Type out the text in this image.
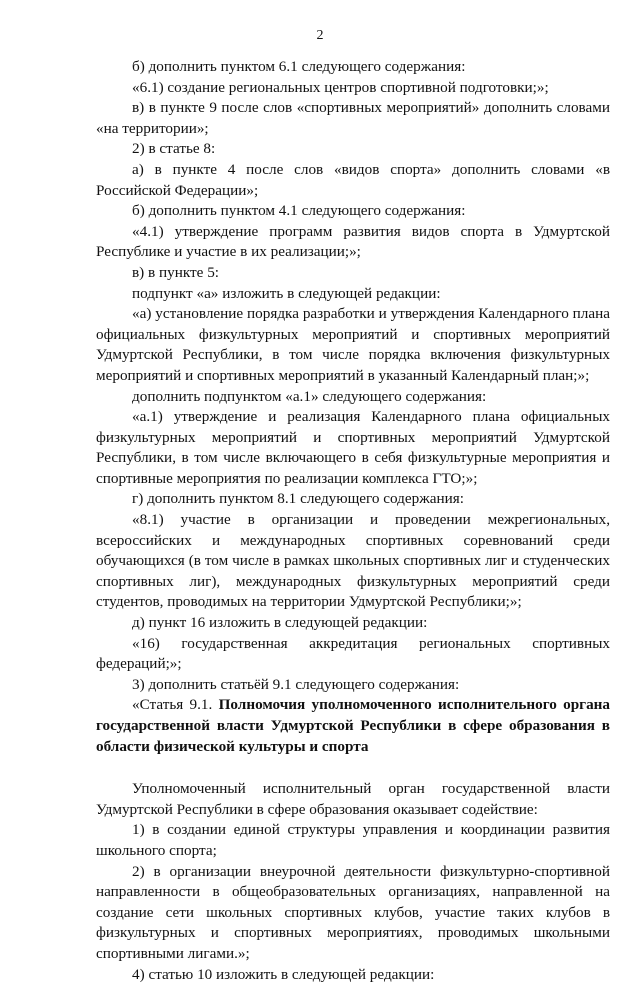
2

б) дополнить пунктом 6.1 следующего содержания:

«6.1) создание региональных центров спортивной подготовки;»;

в) в пункте 9 после слов «спортивных мероприятий» дополнить словами «на территории»;

2) в статье 8:

а) в пункте 4 после слов «видов спорта» дополнить словами «в Российской Федерации»;

б) дополнить пунктом 4.1 следующего содержания:

«4.1) утверждение программ развития видов спорта в Удмуртской Республике и участие в их реализации;»;

в) в пункте 5:

подпункт «а» изложить в следующей редакции:

«а) установление порядка разработки и утверждения Календарного плана официальных физкультурных мероприятий и спортивных мероприятий Удмуртской Республики, в том числе порядка включения физкультурных мероприятий и спортивных мероприятий в указанный Календарный план;»;

дополнить подпунктом «а.1» следующего содержания:

«а.1) утверждение и реализация Календарного плана официальных физкультурных мероприятий и спортивных мероприятий Удмуртской Республики, в том числе включающего в себя физкультурные мероприятия и спортивные мероприятия по реализации комплекса ГТО;»;

г) дополнить пунктом 8.1 следующего содержания:

«8.1) участие в организации и проведении межрегиональных, всероссийских и международных спортивных соревнований среди обучающихся (в том числе в рамках школьных спортивных лиг и студенческих спортивных лиг), международных физкультурных мероприятий среди студентов, проводимых на территории Удмуртской Республики;»;

д) пункт 16 изложить в следующей редакции:

«16) государственная аккредитация региональных спортивных федераций;»;

3) дополнить статьёй 9.1 следующего содержания:

«Статья 9.1. Полномочия уполномоченного исполнительного органа государственной власти Удмуртской Республики в сфере образования в области физической культуры и спорта

Уполномоченный исполнительный орган государственной власти Удмуртской Республики в сфере образования оказывает содействие:

1) в создании единой структуры управления и координации развития школьного спорта;

2) в организации внеурочной деятельности физкультурно-спортивной направленности в общеобразовательных организациях, направленной на создание сети школьных спортивных клубов, участие таких клубов в физкультурных и спортивных мероприятиях, проводимых школьными спортивными лигами.»;

4) статью 10 изложить в следующей редакции:
